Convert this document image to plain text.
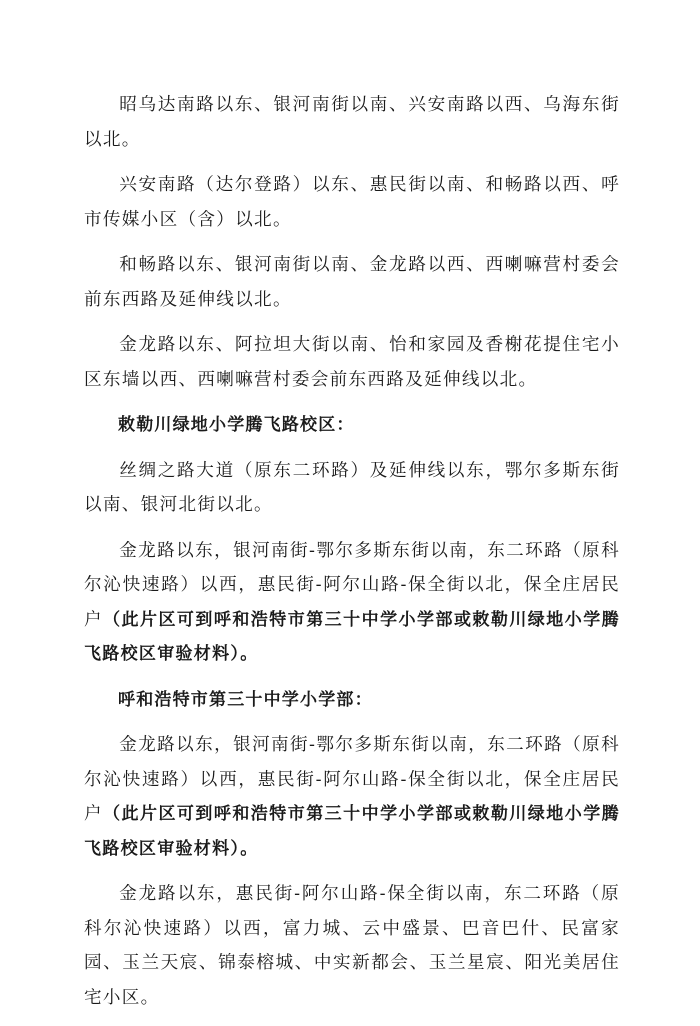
昭乌达南路以东、银河南街以南、兴安南路以西、乌海东街以北。

兴安南路（达尔登路）以东、惠民街以南、和畅路以西、呼市传媒小区（含）以北。

和畅路以东、银河南街以南、金龙路以西、西喇嘛营村委会前东西路及延伸线以北。

金龙路以东、阿拉坦大街以南、怡和家园及香榭花提住宅小区东墙以西、西喇嘛营村委会前东西路及延伸线以北。

敕勒川绿地小学腾飞路校区：

丝绸之路大道（原东二环路）及延伸线以东，鄂尔多斯东街以南、银河北街以北。

金龙路以东，银河南街-鄂尔多斯东街以南，东二环路（原科尔沁快速路）以西，惠民街-阿尔山路-保全街以北，保全庄居民户（此片区可到呼和浩特市第三十中学小学部或敕勒川绿地小学腾飞路校区审验材料）。

呼和浩特市第三十中学小学部：

金龙路以东，银河南街-鄂尔多斯东街以南，东二环路（原科尔沁快速路）以西，惠民街-阿尔山路-保全街以北，保全庄居民户（此片区可到呼和浩特市第三十中学小学部或敕勒川绿地小学腾飞路校区审验材料）。

金龙路以东，惠民街-阿尔山路-保全街以南，东二环路（原科尔沁快速路）以西，富力城、云中盛景、巴音巴什、民富家园、玉兰天宸、锦泰榕城、中实新都会、玉兰星宸、阳光美居住宅小区。
